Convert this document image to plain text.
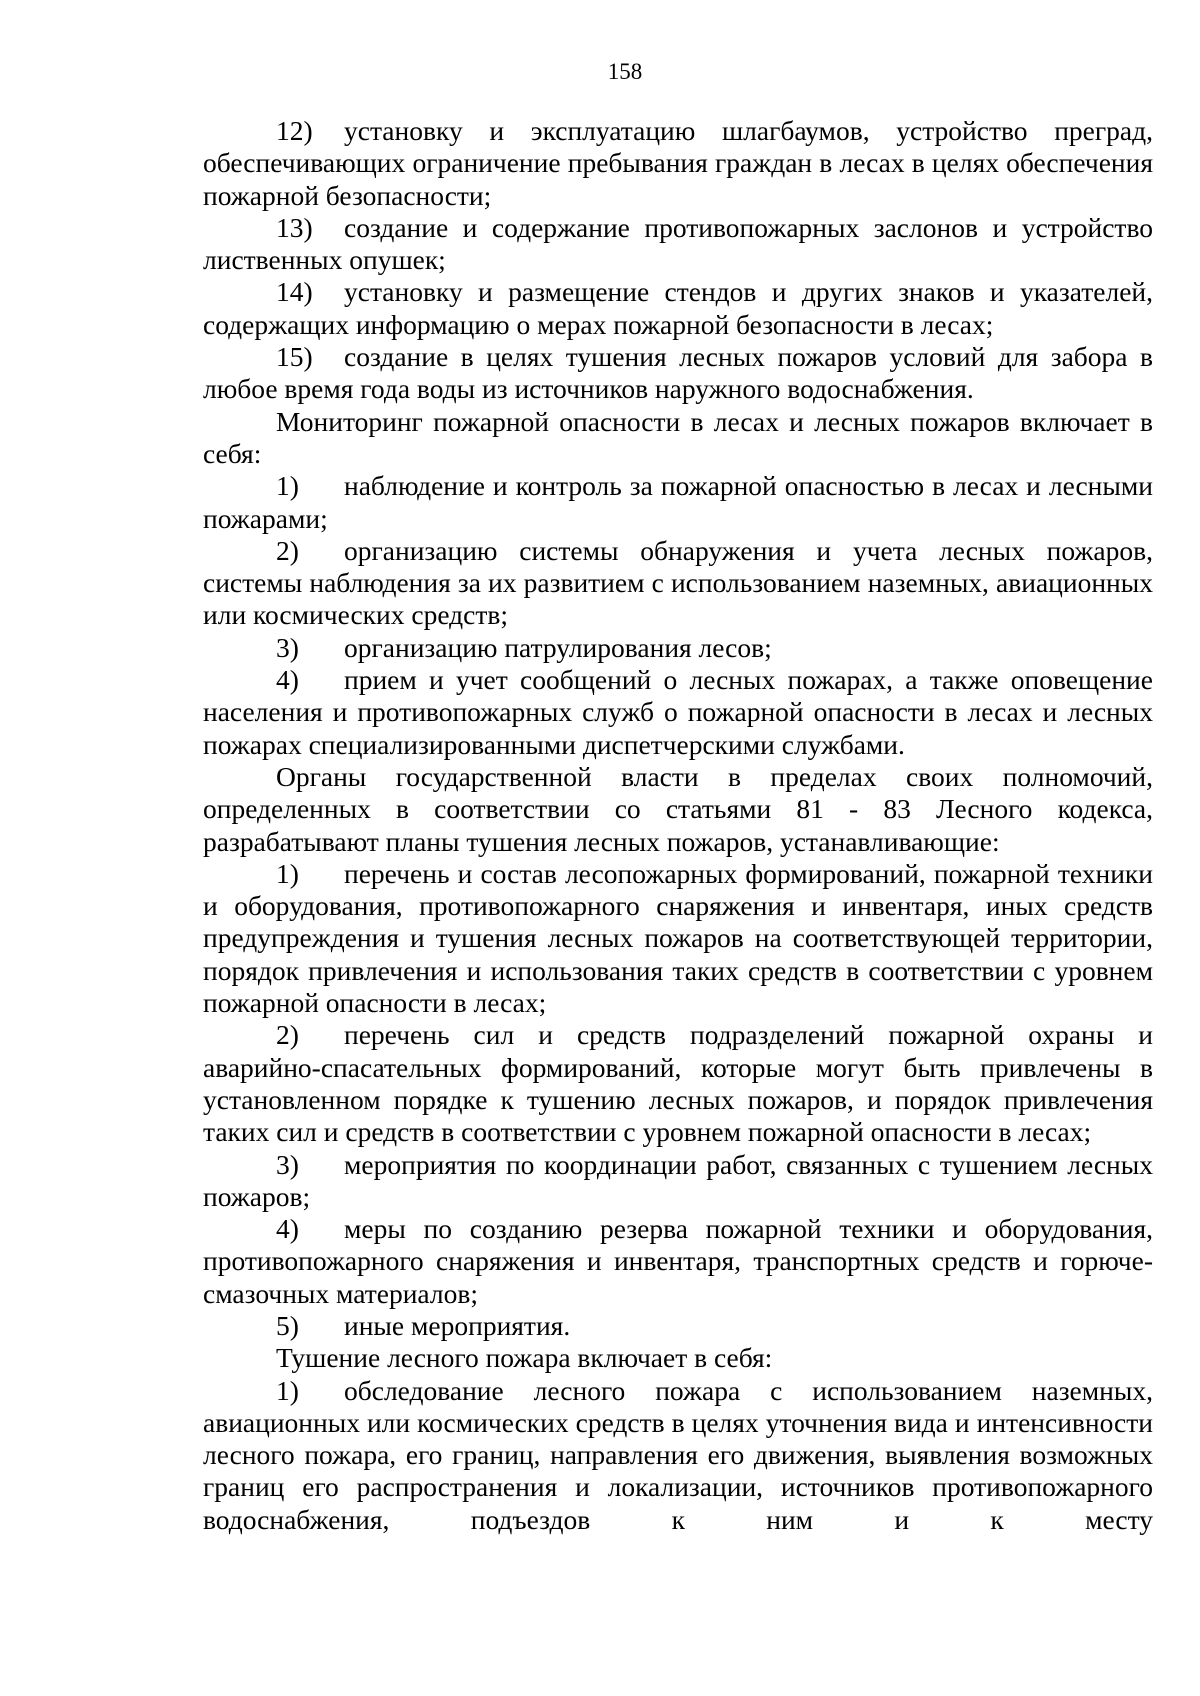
158

12) установку и эксплуатацию шлагбаумов, устройство преград, обеспечивающих ограничение пребывания граждан в лесах в целях обеспечения пожарной безопасности;

13) создание и содержание противопожарных заслонов и устройство лиственных опушек;

14) установку и размещение стендов и других знаков и указателей, содержащих информацию о мерах пожарной безопасности в лесах;

15) создание в целях тушения лесных пожаров условий для забора в любое время года воды из источников наружного водоснабжения.

Мониторинг пожарной опасности в лесах и лесных пожаров включает в себя:

1) наблюдение и контроль за пожарной опасностью в лесах и лесными пожарами;

2) организацию системы обнаружения и учета лесных пожаров, системы наблюдения за их развитием с использованием наземных, авиационных или космических средств;

3) организацию патрулирования лесов;

4) прием и учет сообщений о лесных пожарах, а также оповещение населения и противопожарных служб о пожарной опасности в лесах и лесных пожарах специализированными диспетчерскими службами.

Органы государственной власти в пределах своих полномочий, определенных в соответствии со статьями 81 - 83 Лесного кодекса, разрабатывают планы тушения лесных пожаров, устанавливающие:

1) перечень и состав лесопожарных формирований, пожарной техники и оборудования, противопожарного снаряжения и инвентаря, иных средств предупреждения и тушения лесных пожаров на соответствующей территории, порядок привлечения и использования таких средств в соответствии с уровнем пожарной опасности в лесах;

2) перечень сил и средств подразделений пожарной охраны и аварийно-спасательных формирований, которые могут быть привлечены в установленном порядке к тушению лесных пожаров, и порядок привлечения таких сил и средств в соответствии с уровнем пожарной опасности в лесах;

3) мероприятия по координации работ, связанных с тушением лесных пожаров;

4) меры по созданию резерва пожарной техники и оборудования, противопожарного снаряжения и инвентаря, транспортных средств и горюче-смазочных материалов;

5) иные мероприятия.

Тушение лесного пожара включает в себя:

1) обследование лесного пожара с использованием наземных, авиационных или космических средств в целях уточнения вида и интенсивности лесного пожара, его границ, направления его движения, выявления возможных границ его распространения и локализации, источников противопожарного водоснабжения, подъездов к ним и к месту
